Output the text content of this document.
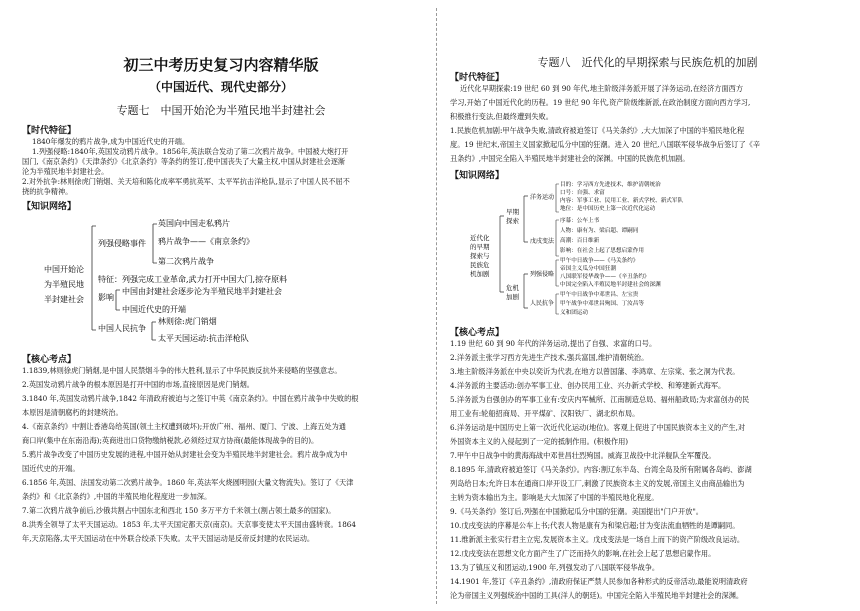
初三中考历史复习内容精华版
（中国近代、现代史部分）
专题七　中国开始沦为半殖民地半封建社会
【时代特征】
1840年爆发的鸦片战争,成为中国近代史的开端。
1.列强侵略:1840年,英国发动鸦片战争。1856年,英法联合发动了第二次鸦片战争。中国被大炮打开
国门,《南京条约》《天津条约》《北京条约》等条约的签订,使中国丧失了大量主权,中国从封建社会逐渐
沦为半殖民地半封建社会。
2.对外抗争:林则徐虎门销烟、关天培和陈化成率军勇抗英军、太平军抗击洋枪队,显示了中国人民不屈不
挠的抗争精神。
【知识网络】
中国开始沦
为半殖民地
半封建社会
列强侵略事件
英国向中国走私鸦片
鸦片战争——《南京条约》
第二次鸦片战争
特征：列强完成工业革命,武力打开中国大门,掠夺原料
影响
中国由封建社会逐步沦为半殖民地半封建社会
中国近代史的开端
中国人民抗争
林则徐:虎门销烟
太平天国运动:抗击洋枪队
【核心考点】
1.1839,林则徐虎门销烟,是中国人民禁烟斗争的伟大胜利,显示了中华民族反抗外来侵略的坚强意志。
2.英国发动鸦片战争的根本原因是打开中国的市场,直接原因是虎门销烟。
3.1840 年,英国发动鸦片战争,1842 年清政府被迫与之签订中英《南京条约》。中国在鸦片战争中失败的根
本原因是清朝腐朽的封建统治。
4.《南京条约》中割让香港岛给英国(领土主权遭到破坏);开放广州、福州、厦门、宁波、上海五处为通
商口岸(集中在东南沿海);英商进出口货物缴纳税款,必须经过双方协商(最能体现战争的目的)。
5.鸦片战争改变了中国历史发展的进程,中国开始从封建社会变为半殖民地半封建社会。鸦片战争成为中
国近代史的开端。
6.1856 年,英国、法国发动第二次鸦片战争。1860 年,英法军火烧圆明园(大量文物流失)。签订了《天津
条约》和《北京条约》,中国的半殖民地化程度进一步加深。
7.第二次鸦片战争前后,沙俄共割占中国东北和西北 150 多万平方千米领土(割占领土最多的国家)。
8.洪秀全领导了太平天国运动。1853 年,太平天国定都天京(南京)。天京事变使太平天国由盛转衰。1864
年,天京陷落,太平天国运动在中外联合绞杀下失败。太平天国运动是反帝反封建的农民运动。
专题八　近代化的早期探索与民族危机的加剧
【时代特征】
近代化早期探索:19 世纪 60 到 90 年代,地主阶级洋务派开展了洋务运动,在经济方面西方
学习,开始了中国近代化的历程。19 世纪 90 年代,资产阶级维新派,在政治制度方面向西方学习,
积极推行变法,但最终遭到失败。
1.民族危机加剧:甲午战争失败,清政府被迫签订《马关条约》,大大加深了中国的半殖民地化程
度。19 世纪末,帝国主义国家掀起瓜分中国的狂潮。进入 20 世纪,八国联军侵华战争后签订了《辛
丑条约》,中国完全陷入半殖民地半封建社会的深渊。中国的民族危机加剧。
【知识网络】
近代化
的早期
探索与
民族危
机加剧
早期
探索
洋务运动
目的：学习西方先进技术，维护清朝统治
口号：自强、求富
内容：军事工业、民用工业、新式学校、新式军队
地位：是中国历史上第一次近代化运动
戊戌变法
序幕：公车上书
人物：康有为、梁启超、谭嗣同
高潮：百日维新
影响：在社会上起了思想启蒙作用
危机
加剧
列强侵略
甲午中日战争——《马关条约》
帝国主义瓜分中国狂潮
八国联军侵华战争——《辛丑条约》
中国完全陷入半殖民地半封建社会的深渊
人民抗争
甲午中日战争中邓世昌、左宝贵
甲午战争中邓世昌殉国、丁汝昌等
义和团运动
【核心考点】
1.19 世纪 60 到 90 年代的洋务运动,提出了自强、求富的口号。
2.洋务派主张学习西方先进生产技术,强兵富国,维护清朝统治。
3.地主阶级洋务派在中央以奕䜣为代表,在地方以曾国藩、李鸿章、左宗棠、张之洞为代表。
4.洋务派的主要活动:创办军事工业、创办民用工业、兴办新式学校、和筹建新式海军。
5.洋务派为自强创办的军事工业有:安庆内军械所、江南制造总局、福州船政局;为求富创办的民
用工业有:轮船招商局、开平煤矿、汉阳铁厂、湖北织布局。
6.洋务运动是中国历史上第一次近代化运动(地位)。客观上促进了中国民族资本主义的产生,对
外国资本主义的入侵起到了一定的抵制作用。(积极作用)
7.甲午中日战争中的黄海海战中邓世昌壮烈殉国。威海卫战役中北洋舰队全军覆没。
8.1895 年,清政府被迫签订《马关条约》。内容:割辽东半岛、台湾全岛及所有附属各岛屿、澎湖
列岛给日本;允许日本在通商口岸开设工厂,刺激了民族资本主义的发展,帝国主义由商品输出为
主转为资本输出为主。影响是大大加深了中国的半殖民地化程度。
9.《马关条约》签订后,列强在中国掀起瓜分中国的狂潮。美国提出"门户开放"。
10.戊戌变法的序幕是公车上书;代表人物是康有为和梁启超;甘为变法流血牺牲的是谭嗣同。
11.维新派主张实行君主立宪,发展资本主义。戊戌变法是一场自上而下的资产阶级改良运动。
12.戊戌变法在思想文化方面产生了广泛而持久的影响,在社会上起了思想启蒙作用。
13.为了镇压义和团运动,1900 年,列强发动了八国联军侵华战争。
14.1901 年,签订《辛丑条约》,清政府保证严禁人民参加各种形式的反帝活动,最能说明清政府
沦为帝国主义列强统治中国的工具(洋人的朝廷)。中国完全陷入半殖民地半封建社会的深渊。
